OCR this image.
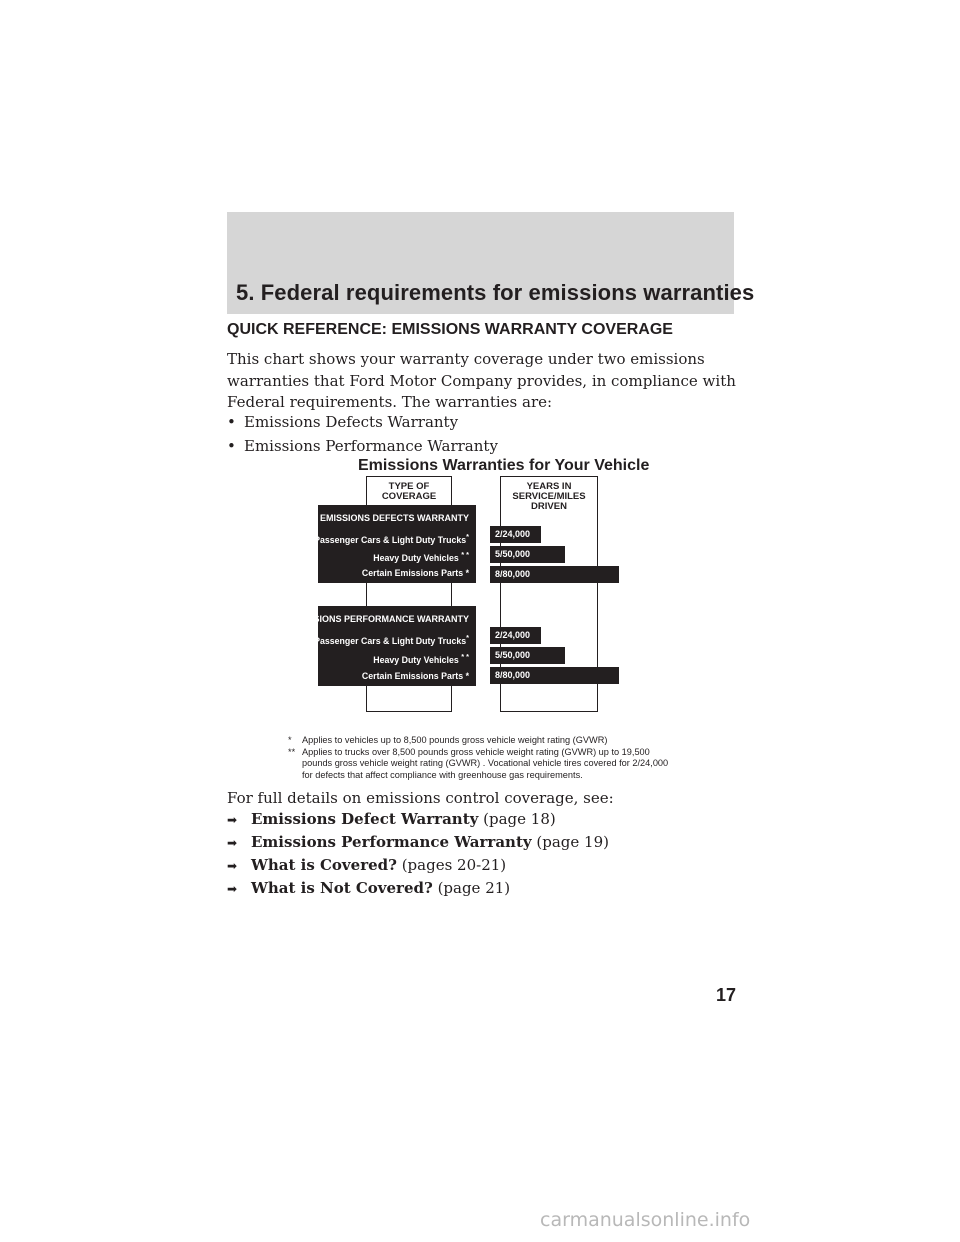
5. Federal requirements for emissions warranties
QUICK REFERENCE: EMISSIONS WARRANTY COVERAGE

This chart shows your warranty coverage under two emissions warranties that Ford Motor Company provides, in compliance with Federal requirements. The warranties are:

• Emissions Defects Warranty
• Emissions Performance Warranty
Emissions Warranties for Your Vehicle
TYPE OF
COVERAGE
YEARS IN
SERVICE/MILES
DRIVEN
EMISSIONS DEFECTS WARRANTY
Passenger Cars & Light Duty Trucks*
Heavy Duty Vehicles * *
Certain Emissions Parts *
2/24,000
5/50,000
8/80,000
EMISSIONS PERFORMANCE WARRANTY
Passenger Cars & Light Duty Trucks*
Heavy Duty Vehicles * *
Certain Emissions Parts *
2/24,000
5/50,000
8/80,000
*	Applies to vehicles up to 8,500 pounds gross vehicle weight rating (GVWR)
** Applies to trucks over 8,500 pounds gross vehicle weight rating (GVWR) up to 19,500
pounds gross vehicle weight rating (GVWR) . Vocational vehicle tires covered for 2/24,000
for defects that affect compliance with greenhouse gas requirements.

For full details on emissions control coverage, see:

➡ Emissions Defect Warranty (page 18)
➡ Emissions Performance Warranty (page 19)
➡ What is Covered? (pages 20-21)
➡ What is Not Covered? (page 21)
17
carmanualsonline.info
